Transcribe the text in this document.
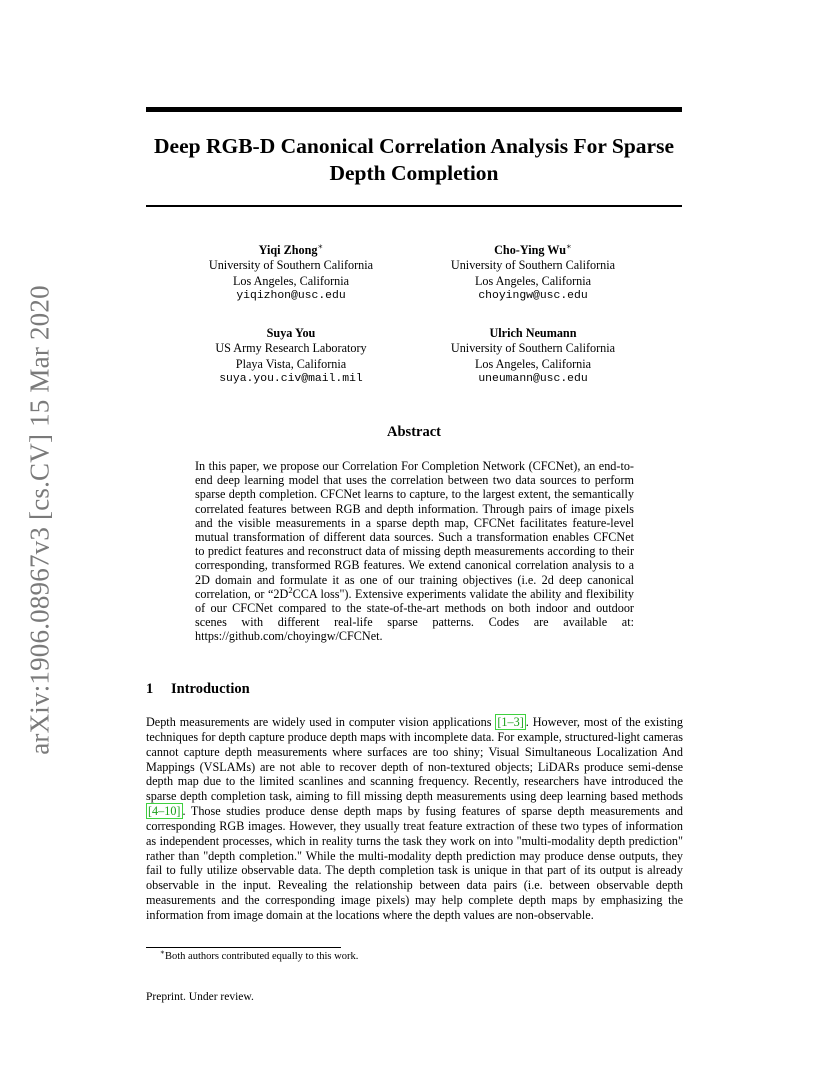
arXiv:1906.08967v3 [cs.CV] 15 Mar 2020
Deep RGB-D Canonical Correlation Analysis For Sparse Depth Completion
Yiqi Zhong∗
University of Southern California
Los Angeles, California
yiqizhon@usc.edu
Cho-Ying Wu∗
University of Southern California
Los Angeles, California
choyingw@usc.edu
Suya You
US Army Research Laboratory
Playa Vista, California
suya.you.civ@mail.mil
Ulrich Neumann
University of Southern California
Los Angeles, California
uneumann@usc.edu
Abstract
In this paper, we propose our Correlation For Completion Network (CFCNet), an end-to-end deep learning model that uses the correlation between two data sources to perform sparse depth completion. CFCNet learns to capture, to the largest extent, the semantically correlated features between RGB and depth information. Through pairs of image pixels and the visible measurements in a sparse depth map, CFCNet facilitates feature-level mutual transformation of different data sources. Such a transformation enables CFCNet to predict features and reconstruct data of missing depth measurements according to their corresponding, transformed RGB features. We extend canonical correlation analysis to a 2D domain and formulate it as one of our training objectives (i.e. 2d deep canonical correlation, or “$2D^2CCA$ loss"). Extensive experiments validate the ability and flexibility of our CFCNet compared to the state-of-the-art methods on both indoor and outdoor scenes with different real-life sparse patterns. Codes are available at: https://github.com/choyingw/CFCNet.
1 Introduction
Depth measurements are widely used in computer vision applications [1–3] . However, most of the existing techniques for depth capture produce depth maps with incomplete data. For example, structured-light cameras cannot capture depth measurements where surfaces are too shiny; Visual Simultaneous Localization And Mappings (VSLAMs) are not able to recover depth of non-textured objects; LiDARs produce semi-dense depth map due to the limited scanlines and scanning frequency. Recently, researchers have introduced the sparse depth completion task, aiming to fill missing depth measurements using deep learning based methods [4–10] . Those studies produce dense depth maps by fusing features of sparse depth measurements and corresponding RGB images. However, they usually treat feature extraction of these two types of information as independent processes, which in reality turns the task they work on into "multi-modality depth prediction" rather than "depth completion." While the multi-modality depth prediction may produce dense outputs, they fail to fully utilize observable data. The depth completion task is unique in that part of its output is already observable in the input. Revealing the relationship between data pairs (i.e. between observable depth measurements and the corresponding image pixels) may help complete depth maps by emphasizing the information from image domain at the locations where the depth values are non-observable.
∗Both authors contributed equally to this work.
Preprint. Under review.
